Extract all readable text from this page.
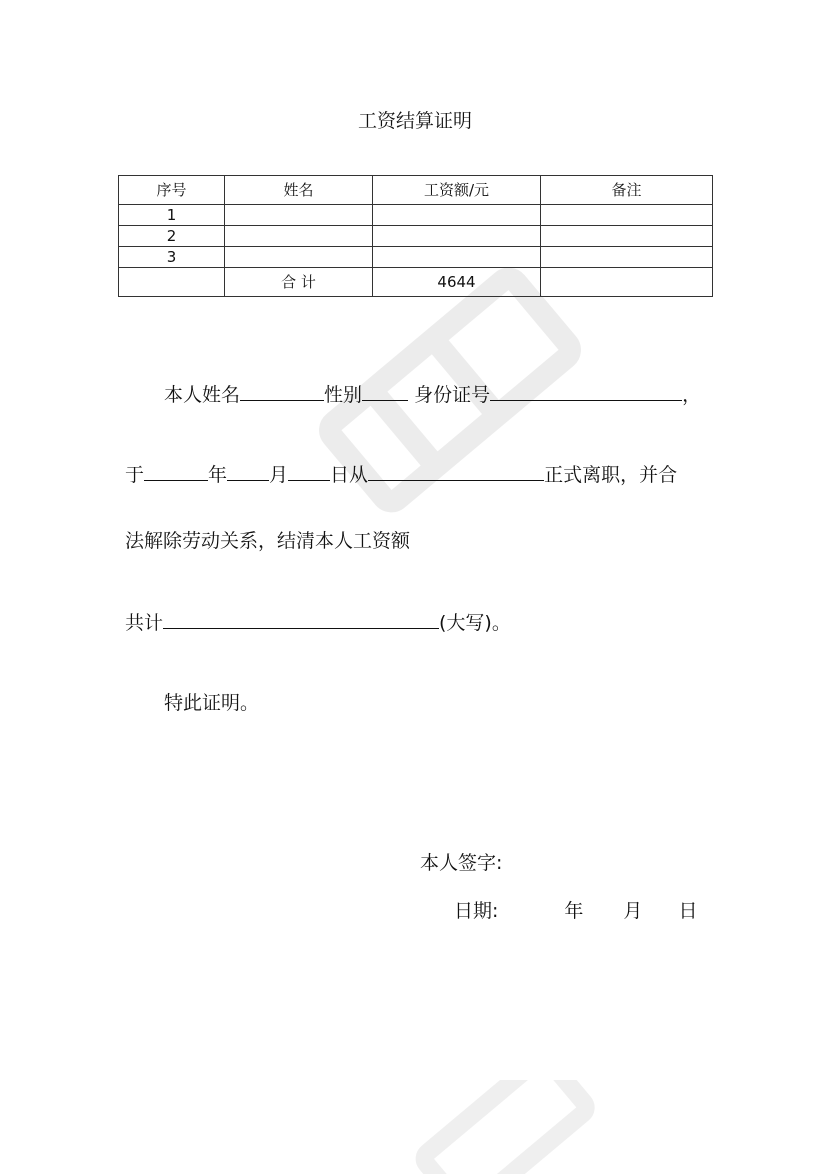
工资结算证明
序号	姓名	工资额/元	备注
1			
2			
3			
	合 计	4644	
本人姓名	性别	身份证号	，
于	年 月 日从	正式离职，并合
法解除劳动关系，结清本人工资额
共计	(大写)。
特此证明。
本人签字:
日期:	年 月 日
